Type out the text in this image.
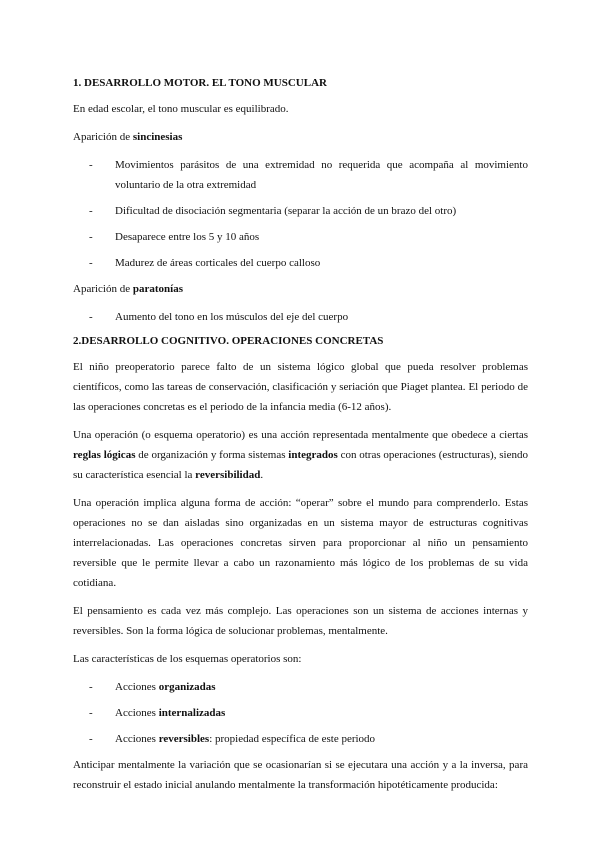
1. DESARROLLO MOTOR. EL TONO MUSCULAR

En edad escolar, el tono muscular es equilibrado.

Aparición de sincinesias

- Movimientos parásitos de una extremidad no requerida que acompaña al movimiento voluntario de la otra extremidad
- Dificultad de disociación segmentaria (separar la acción de un brazo del otro)
- Desaparece entre los 5 y 10 años
- Madurez de áreas corticales del cuerpo calloso

Aparición de paratonías

- Aumento del tono en los músculos del eje del cuerpo
2.DESARROLLO COGNITIVO. OPERACIONES CONCRETAS

El niño preoperatorio parece falto de un sistema lógico global que pueda resolver problemas científicos, como las tareas de conservación, clasificación y seriación que Piaget plantea. El periodo de las operaciones concretas es el periodo de la infancia media (6-12 años).

Una operación (o esquema operatorio) es una acción representada mentalmente que obedece a ciertas reglas lógicas de organización y forma sistemas integrados con otras operaciones (estructuras), siendo su característica esencial la reversibilidad.

Una operación implica alguna forma de acción: “operar” sobre el mundo para comprenderlo. Estas operaciones no se dan aisladas sino organizadas en un sistema mayor de estructuras cognitivas interrelacionadas. Las operaciones concretas sirven para proporcionar al niño un pensamiento reversible que le permite llevar a cabo un razonamiento más lógico de los problemas de su vida cotidiana.

El pensamiento es cada vez más complejo. Las operaciones son un sistema de acciones internas y reversibles. Son la forma lógica de solucionar problemas, mentalmente.

Las características de los esquemas operatorios son:

- Acciones organizadas
- Acciones internalizadas
- Acciones reversibles: propiedad específica de este periodo

Anticipar mentalmente la variación que se ocasionarían si se ejecutara una acción y a la inversa, para reconstruir el estado inicial anulando mentalmente la transformación hipotéticamente producida:
